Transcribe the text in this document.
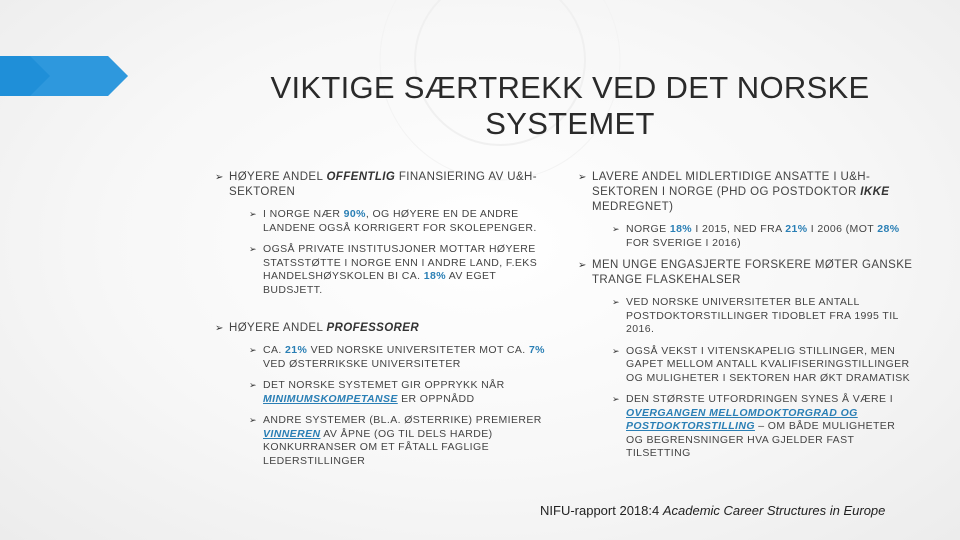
VIKTIGE SÆRTREKK VED DET NORSKE SYSTEMET
➢ HØYERE ANDEL OFFENTLIG FINANSIERING AV U&H-SEKTOREN
➢ I NORGE NÆR 90%, OG HØYERE EN DE ANDRE LANDENE OGSÅ KORRIGERT FOR SKOLEPENGER.
➢ OGSÅ PRIVATE INSTITUSJONER MOTTAR HØYERE STATSSTØTTE I NORGE ENN I ANDRE LAND, F.EKS HANDELSHØYSKOLEN BI CA. 18% AV EGET BUDSJETT.
➢ HØYERE ANDEL PROFESSORER
➢ CA. 21% VED NORSKE UNIVERSITETER MOT CA. 7% VED ØSTERRIKSKE UNIVERSITETER
➢ DET NORSKE SYSTEMET GIR OPPRYKK NÅR MINIMUMSKOMPETANSE ER OPPNÅDD
➢ ANDRE SYSTEMER (BL.A. ØSTERRIKE) PREMIERER VINNEREN AV ÅPNE (OG TIL DELS HARDE) KONKURRANSER OM ET FÅTALL FAGLIGE LEDERSTILLINGER
➢ LAVERE ANDEL MIDLERTIDIGE ANSATTE I U&H-SEKTOREN I NORGE (PHD OG POSTDOKTOR IKKE MEDREGNET)
➢ NORGE 18% I 2015, NED FRA 21% I 2006 (MOT 28% FOR SVERIGE I 2016)
➢ MEN UNGE ENGASJERTE FORSKERE MØTER GANSKE TRANGE FLASKEHALSER
➢ VED NORSKE UNIVERSITETER BLE ANTALL POSTDOKTORSTILLINGER TIDOBLET FRA 1995 TIL 2016.
➢ OGSÅ VEKST I VITENSKAPELIG STILLINGER, MEN GAPET MELLOM ANTALL KVALIFISERINGSTILLINGER OG MULIGHETER I SEKTOREN HAR ØKT DRAMATISK
➢ DEN STØRSTE UTFORDRINGEN SYNES Å VÆRE I OVERGANGEN MELLOMDOKTORGRAD OG POSTDOKTORSTILLING – OM BÅDE MULIGHETER OG BEGRENSNINGER HVA GJELDER FAST TILSETTING
NIFU-rapport 2018:4 Academic Career Structures in Europe
